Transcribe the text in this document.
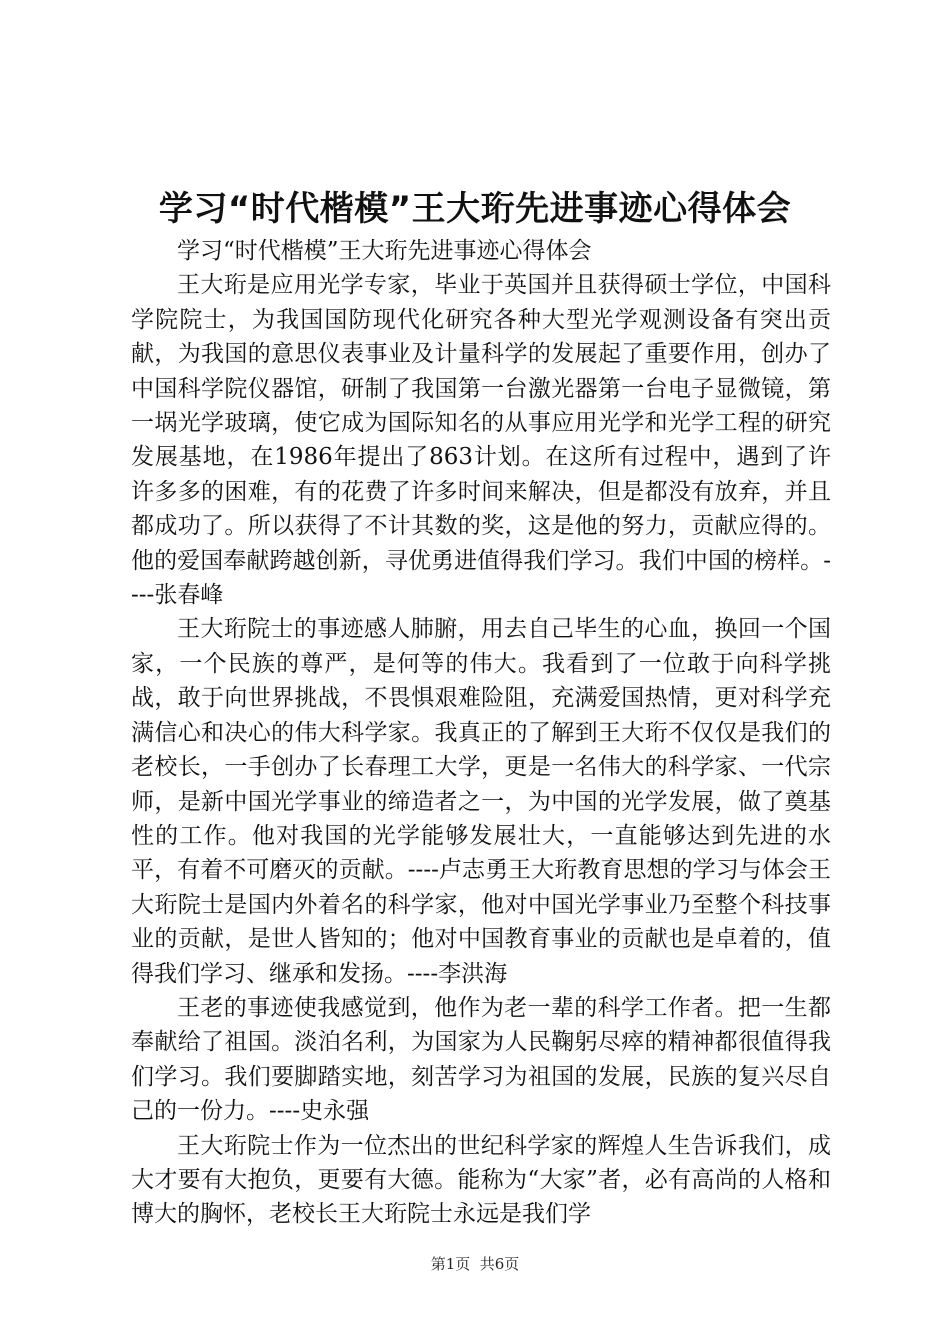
学习“时代楷模”王大珩先进事迹心得体会

学习“时代楷模”王大珩先进事迹心得体会

王大珩是应用光学专家，毕业于英国并且获得硕士学位，中国科学院院士，为我国国防现代化研究各种大型光学观测设备有突出贡献，为我国的意思仪表事业及计量科学的发展起了重要作用，创办了中国科学院仪器馆，研制了我国第一台激光器第一台电子显微镜，第一埚光学玻璃，使它成为国际知名的从事应用光学和光学工程的研究发展基地，在1986年提出了863计划。在这所有过程中，遇到了许许多多的困难，有的花费了许多时间来解决，但是都没有放弃，并且都成功了。所以获得了不计其数的奖，这是他的努力，贡献应得的。他的爱国奉献跨越创新，寻优勇进值得我们学习。我们中国的榜样。----张春峰

王大珩院士的事迹感人肺腑，用去自己毕生的心血，换回一个国家，一个民族的尊严，是何等的伟大。我看到了一位敢于向科学挑战，敢于向世界挑战，不畏惧艰难险阻，充满爱国热情，更对科学充满信心和决心的伟大科学家。我真正的了解到王大珩不仅仅是我们的老校长，一手创办了长春理工大学，更是一名伟大的科学家、一代宗师，是新中国光学事业的缔造者之一，为中国的光学发展，做了奠基性的工作。他对我国的光学能够发展壮大，一直能够达到先进的水平，有着不可磨灭的贡献。----卢志勇王大珩教育思想的学习与体会王大珩院士是国内外着名的科学家，他对中国光学事业乃至整个科技事业的贡献，是世人皆知的；他对中国教育事业的贡献也是卓着的，值得我们学习、继承和发扬。----李洪海

王老的事迹使我感觉到，他作为老一辈的科学工作者。把一生都奉献给了祖国。淡泊名利，为国家为人民鞠躬尽瘁的精神都很值得我们学习。我们要脚踏实地，刻苦学习为祖国的发展，民族的复兴尽自己的一份力。----史永强

王大珩院士作为一位杰出的世纪科学家的辉煌人生告诉我们，成大才要有大抱负，更要有大德。能称为“大家”者，必有高尚的人格和博大的胸怀，老校长王大珩院士永远是我们学

第1页  共6页
